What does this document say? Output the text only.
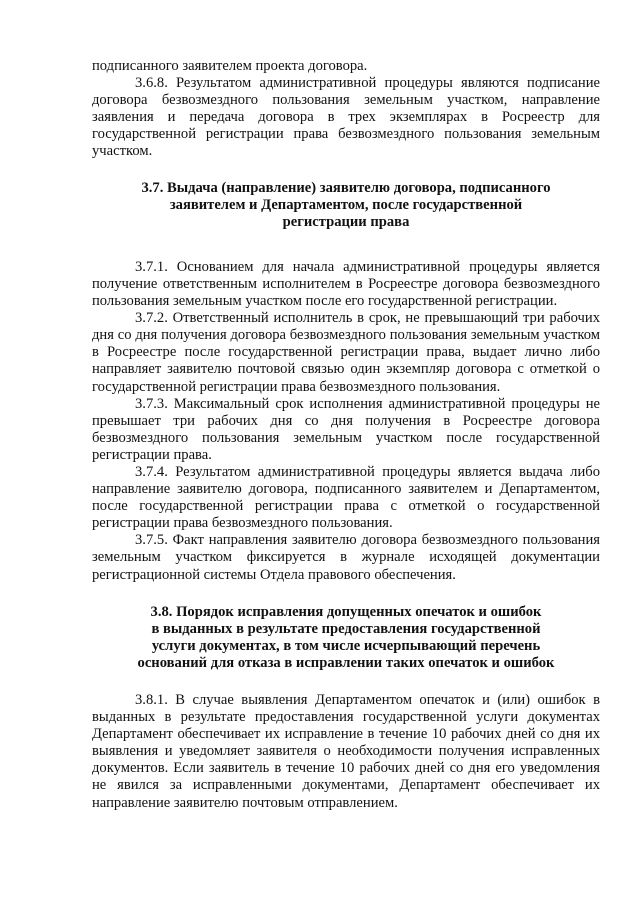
подписанного заявителем проекта договора.

3.6.8. Результатом административной процедуры являются подписание договора безвозмездного пользования земельным участком, направление заявления и передача договора в трех экземплярах в Росреестр для государственной регистрации права безвозмездного пользования земельным участком.

3.7. Выдача (направление) заявителю договора, подписанного
заявителем и Департаментом, после государственной
регистрации права

3.7.1. Основанием для начала административной процедуры является получение ответственным исполнителем в Росреестре договора безвозмездного пользования земельным участком после его государственной регистрации.

3.7.2. Ответственный исполнитель в срок, не превышающий три рабочих дня со дня получения договора безвозмездного пользования земельным участком в Росреестре после государственной регистрации права, выдает лично либо направляет заявителю почтовой связью один экземпляр договора с отметкой о государственной регистрации права безвозмездного пользования.

3.7.3. Максимальный срок исполнения административной процедуры не превышает три рабочих дня со дня получения в Росреестре договора безвозмездного пользования земельным участком после государственной регистрации права.

3.7.4. Результатом административной процедуры является выдача либо направление заявителю договора, подписанного заявителем и Департаментом, после государственной регистрации права с отметкой о государственной регистрации права безвозмездного пользования.

3.7.5. Факт направления заявителю договора безвозмездного пользования земельным участком фиксируется в журнале исходящей документации регистрационной системы Отдела правового обеспечения.

3.8. Порядок исправления допущенных опечаток и ошибок
в выданных в результате предоставления государственной
услуги документах, в том числе исчерпывающий перечень
оснований для отказа в исправлении таких опечаток и ошибок

3.8.1. В случае выявления Департаментом опечаток и (или) ошибок в выданных в результате предоставления государственной услуги документах Департамент обеспечивает их исправление в течение 10 рабочих дней со дня их выявления и уведомляет заявителя о необходимости получения исправленных документов. Если заявитель в течение 10 рабочих дней со дня его уведомления не явился за исправленными документами, Департамент обеспечивает их направление заявителю почтовым отправлением.
